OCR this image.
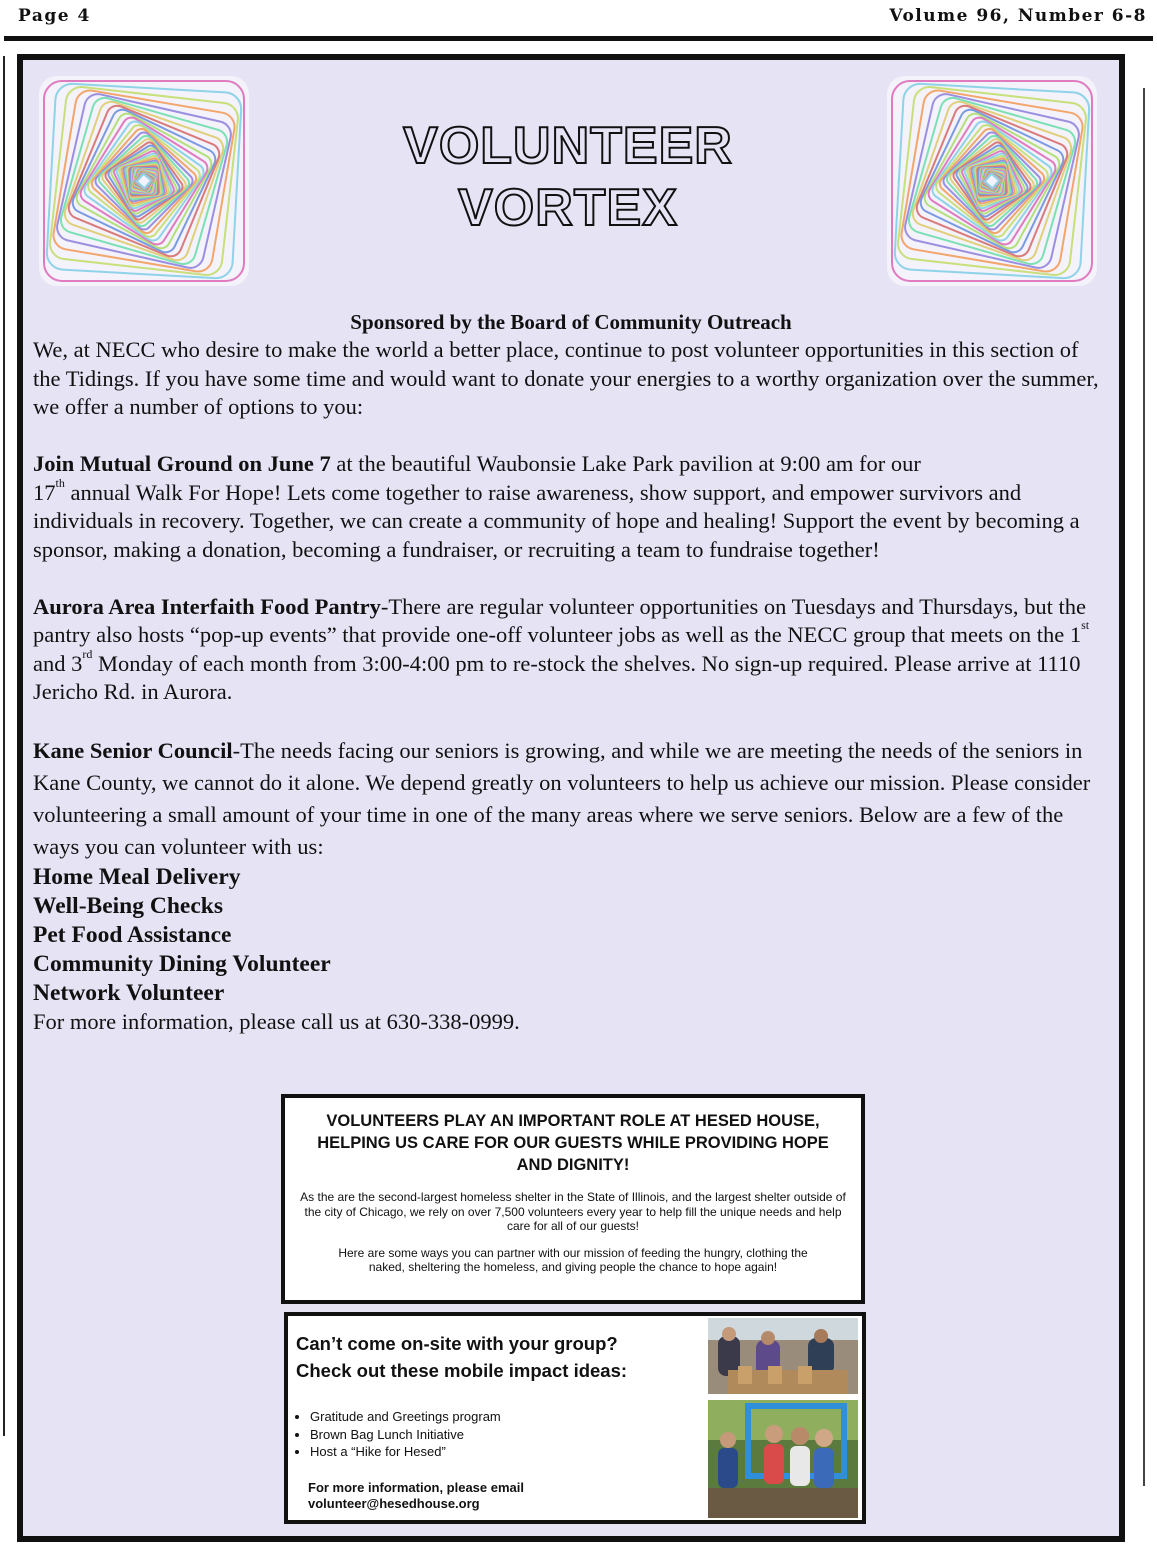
Page 4	Volume 96, Number 6-8
VOLUNTEER
VORTEX
Sponsored by the Board of Community Outreach

We, at NECC who desire to make the world a better place, continue to post volunteer opportunities in this section of the Tidings. If you have some time and would want to donate your energies to a worthy organization over the summer, we offer a number of options to you:

Join Mutual Ground on June 7 at the beautiful Waubonsie Lake Park pavilion at 9:00 am for our
17th annual Walk For Hope! Lets come together to raise awareness, show support, and empower survivors and individuals in recovery. Together, we can create a community of hope and healing! Support the event by becoming a sponsor, making a donation, becoming a fundraiser, or recruiting a team to fundraise together!

Aurora Area Interfaith Food Pantry-There are regular volunteer opportunities on Tuesdays and Thursdays, but the pantry also hosts “pop-up events” that provide one-off volunteer jobs as well as the NECC group that meets on the 1st and 3rd Monday of each month from 3:00-4:00 pm to re-stock the shelves. No sign-up required. Please arrive at 1110 Jericho Rd. in Aurora.

Kane Senior Council-The needs facing our seniors is growing, and while we are meeting the needs of the seniors in Kane County, we cannot do it alone. We depend greatly on volunteers to help us achieve our mission. Please consider volunteering a small amount of your time in one of the many areas where we serve seniors. Below are a few of the ways you can volunteer with us:

Home Meal Delivery
Well-Being Checks
Pet Food Assistance
Community Dining Volunteer
Network Volunteer

For more information, please call us at 630-338-0999.

VOLUNTEERS PLAY AN IMPORTANT ROLE AT HESED HOUSE, HELPING US CARE FOR OUR GUESTS WHILE PROVIDING HOPE AND DIGNITY!
As the are the second-largest homeless shelter in the State of Illinois, and the largest shelter outside of the city of Chicago, we rely on over 7,500 volunteers every year to help fill the unique needs and help care for all of our guests!
Here are some ways you can partner with our mission of feeding the hungry, clothing the naked, sheltering the homeless, and giving people the chance to hope again!
Can’t come on-site with your group?
Check out these mobile impact ideas:
• Gratitude and Greetings program
• Brown Bag Lunch Initiative
• Host a “Hike for Hesed”
For more information, please email
volunteer@hesedhouse.org
